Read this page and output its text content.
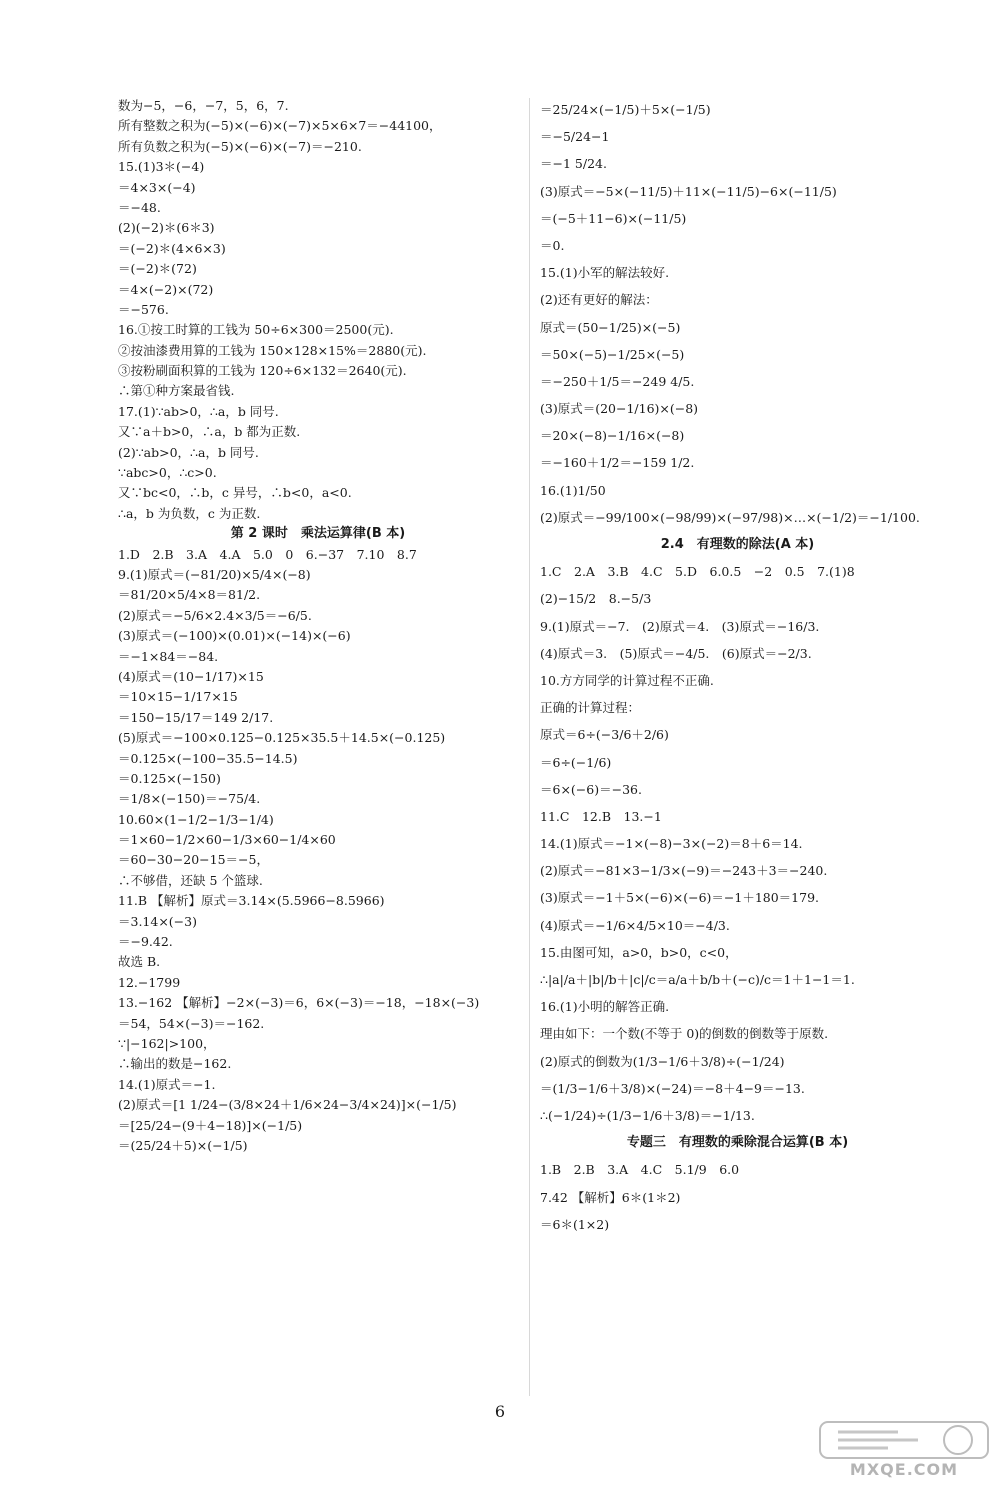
数为−5，−6，−7，5，6，7.
所有整数之积为(−5)×(−6)×(−7)×5×6×7＝−44100，
所有负数之积为(−5)×(−6)×(−7)＝−210.
15.(1)3＊(−4)
＝4×3×(−4)
＝−48.
(2)(−2)＊(6＊3)
＝(−2)＊(4×6×3)
＝(−2)＊(72)
＝4×(−2)×(72)
＝−576.
16.①按工时算的工钱为 50÷6×300＝2500(元).
②按油漆费用算的工钱为 150×128×15%＝2880(元).
③按粉刷面积算的工钱为 120÷6×132＝2640(元).
∴第①种方案最省钱.
17.(1)∵ab>0，∴a，b 同号.
又∵a＋b>0，∴a，b 都为正数.
(2)∵ab>0，∴a，b 同号.
∵abc>0，∴c>0.
又∵bc<0，∴b，c 异号，∴b<0，a<0.
∴a，b 为负数，c 为正数.
第 2 课时　乘法运算律(B 本)
1.D　2.B　3.A　4.A　5.0　0　6.−37　7.10　8.7
9.(1)原式＝(−81/20)×5/4×(−8)
＝81/20×5/4×8＝81/2.
(2)原式＝−5/6×2.4×3/5＝−6/5.
(3)原式＝(−100)×(0.01)×(−14)×(−6)
＝−1×84＝−84.
(4)原式＝(10−1/17)×15
＝10×15−1/17×15
＝150−15/17＝149 2/17.
(5)原式＝−100×0.125−0.125×35.5＋14.5×(−0.125)
＝0.125×(−100−35.5−14.5)
＝0.125×(−150)
＝1/8×(−150)＝−75/4.
10.60×(1−1/2−1/3−1/4)
＝1×60−1/2×60−1/3×60−1/4×60
＝60−30−20−15＝−5，
∴不够借，还缺 5 个篮球.
11.B 【解析】原式＝3.14×(5.5966−8.5966)
＝3.14×(−3)
＝−9.42.
故选 B.
12.−1799
13.−162 【解析】−2×(−3)＝6，6×(−3)＝−18，−18×(−3)
＝54，54×(−3)＝−162.
∵|−162|>100，
∴输出的数是−162.
14.(1)原式＝−1.
(2)原式＝[1 1/24−(3/8×24＋1/6×24−3/4×24)]×(−1/5)
＝[25/24−(9＋4−18)]×(−1/5)
＝(25/24＋5)×(−1/5)
＝25/24×(−1/5)＋5×(−1/5)
＝−5/24−1
＝−1 5/24.
(3)原式＝−5×(−11/5)＋11×(−11/5)−6×(−11/5)
＝(−5＋11−6)×(−11/5)
＝0.
15.(1)小军的解法较好.
(2)还有更好的解法：
原式＝(50−1/25)×(−5)
＝50×(−5)−1/25×(−5)
＝−250＋1/5＝−249 4/5.
(3)原式＝(20−1/16)×(−8)
＝20×(−8)−1/16×(−8)
＝−160＋1/2＝−159 1/2.
16.(1)1/50
(2)原式＝−99/100×(−98/99)×(−97/98)×…×(−1/2)＝−1/100.
2.4　有理数的除法(A 本)
1.C　2.A　3.B　4.C　5.D　6.0.5　−2　0.5　7.(1)8
(2)−15/2　8.−5/3
9.(1)原式＝−7.　(2)原式＝4.　(3)原式＝−16/3.
(4)原式＝3.　(5)原式＝−4/5.　(6)原式＝−2/3.
10.方方同学的计算过程不正确.
正确的计算过程：
原式＝6÷(−3/6＋2/6)
＝6÷(−1/6)
＝6×(−6)＝−36.
11.C　12.B　13.−1
14.(1)原式＝−1×(−8)−3×(−2)＝8＋6＝14.
(2)原式＝−81×3−1/3×(−9)＝−243＋3＝−240.
(3)原式＝−1＋5×(−6)×(−6)＝−1＋180＝179.
(4)原式＝−1/6×4/5×10＝−4/3.
15.由图可知，a>0，b>0，c<0，
∴|a|/a＋|b|/b＋|c|/c＝a/a＋b/b＋(−c)/c＝1＋1−1＝1.
16.(1)小明的解答正确.
理由如下：一个数(不等于 0)的倒数的倒数等于原数.
(2)原式的倒数为(1/3−1/6＋3/8)÷(−1/24)
＝(1/3−1/6＋3/8)×(−24)＝−8＋4−9＝−13.
∴(−1/24)÷(1/3−1/6＋3/8)＝−1/13.
专题三　有理数的乘除混合运算(B 本)
1.B　2.B　3.A　4.C　5.1/9　6.0
7.42 【解析】6＊(1＊2)
＝6＊(1×2)
6
MXQE.COM
